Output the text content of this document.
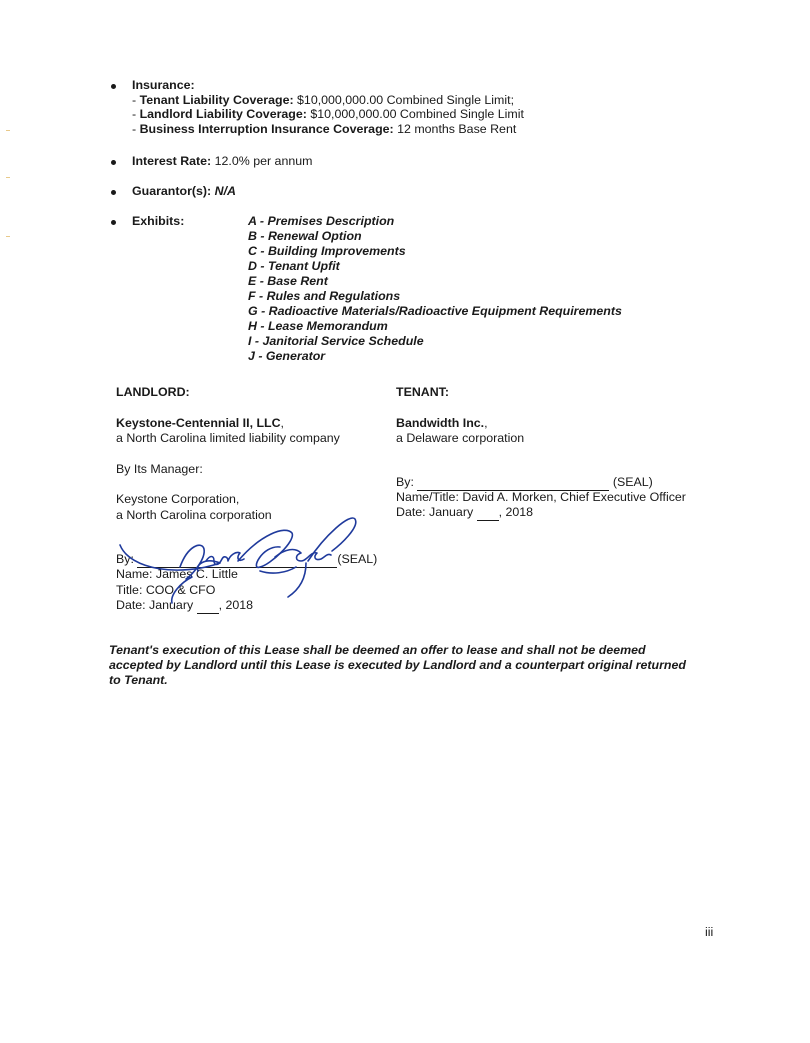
Insurance:
- Tenant Liability Coverage: $10,000,000.00 Combined Single Limit;
- Landlord Liability Coverage: $10,000,000.00 Combined Single Limit
- Business Interruption Insurance Coverage: 12 months Base Rent
Interest Rate: 12.0% per annum
Guarantor(s): N/A
Exhibits:	A - Premises Description
B - Renewal Option
C - Building Improvements
D - Tenant Upfit
E - Base Rent
F - Rules and Regulations
G - Radioactive Materials/Radioactive Equipment Requirements
H - Lease Memorandum
I - Janitorial Service Schedule
J - Generator
LANDLORD:
Keystone-Centennial II, LLC,
a North Carolina limited liability company
By Its Manager:
Keystone Corporation,
a North Carolina corporation
By:	(SEAL)
Name: James C. Little
Title: COO & CFO
Date: January , 2018
TENANT:
Bandwidth Inc.,
a Delaware corporation
By:	(SEAL)
Name/Title: David A. Morken, Chief Executive Officer
Date: January , 2018
Tenant's execution of this Lease shall be deemed an offer to lease and shall not be deemed
accepted by Landlord until this Lease is executed by Landlord and a counterpart original returned
to Tenant.
iii
